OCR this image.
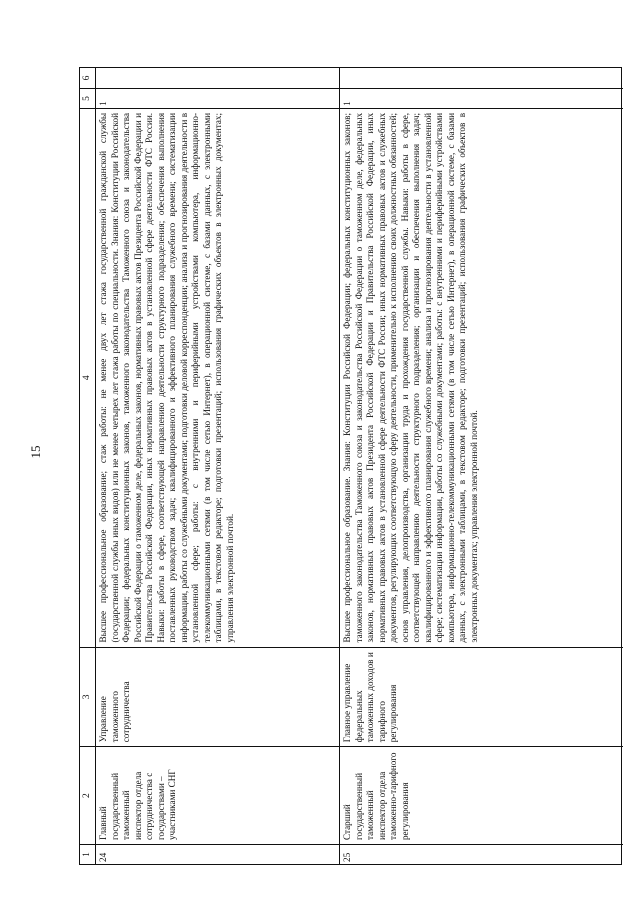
15
1
2
3
4
5
6
24
Главный государственный таможенный инспектор отдела сотрудничества с государствами – участниками СНГ
Управление таможенного сотрудничества
Высшее профессиональное образование; стаж работы: не менее двух лет стажа государственной гражданской службы (государственной службы иных видов) или не менее четырех лет стажа работы по специальности. Знания: Конституции Российской Федерации; федеральных конституционных законов, таможенного законодательства Таможенного союза и законодательства Российской Федерации о таможенном деле, федеральных законов, нормативных правовых актов Президента Российской Федерации и Правительства Российской Федерации, иных нормативных правовых актов в установленной сфере деятельности ФТС России. Навыки: работы в сфере, соответствующей направлению деятельности структурного подразделения; обеспечения выполнения поставленных руководством задач; квалифицированного и эффективного планирования служебного времени; систематизации информации, работы со служебными документами; подготовки деловой корреспонденции; анализа и прогнозирования деятельности в установленной сфере; работы: с внутренними и периферийными устройствами компьютера, информационно-телекоммуникационными сетями (в том числе сетью Интернет), в операционной системе, с базами данных, с электронными таблицами, в текстовом редакторе; подготовки презентаций; использования графических объектов в электронных документах; управления электронной почтой.
1
25
Старший государственный таможенный инспектор отдела таможенно-тарифного регулирования
Главное управление федеральных таможенных доходов и тарифного регулирования
Высшее профессиональное образование. Знания: Конституции Российской Федерации; федеральных конституционных законов; таможенного законодательства Таможенного союза и законодательства Российской Федерации о таможенном деле, федеральных законов, нормативных правовых актов Президента Российской Федерации и Правительства Российской Федерации, иных нормативных правовых актов в установленной сфере деятельности ФТС России; иных нормативных правовых актов и служебных документов, регулирующих соответствующую сферу деятельности, применительно к исполнению своих должностных обязанностей; основ управления, делопроизводства, организации труда и прохождения государственной службы. Навыки: работы в сфере, соответствующей направлению деятельности структурного подразделения; организации и обеспечения выполнения задач; квалифицированного и эффективного планирования служебного времени; анализа и прогнозирования деятельности в установленной сфере; систематизации информации, работы со служебными документами; работы: с внутренними и периферийными устройствами компьютера, информационно-телекоммуникационными сетями (в том числе сетью Интернет), в операционной системе, с базами данных, с электронными таблицами, в текстовом редакторе; подготовки презентаций; использования графических объектов в электронных документах; управления электронной почтой.
1
